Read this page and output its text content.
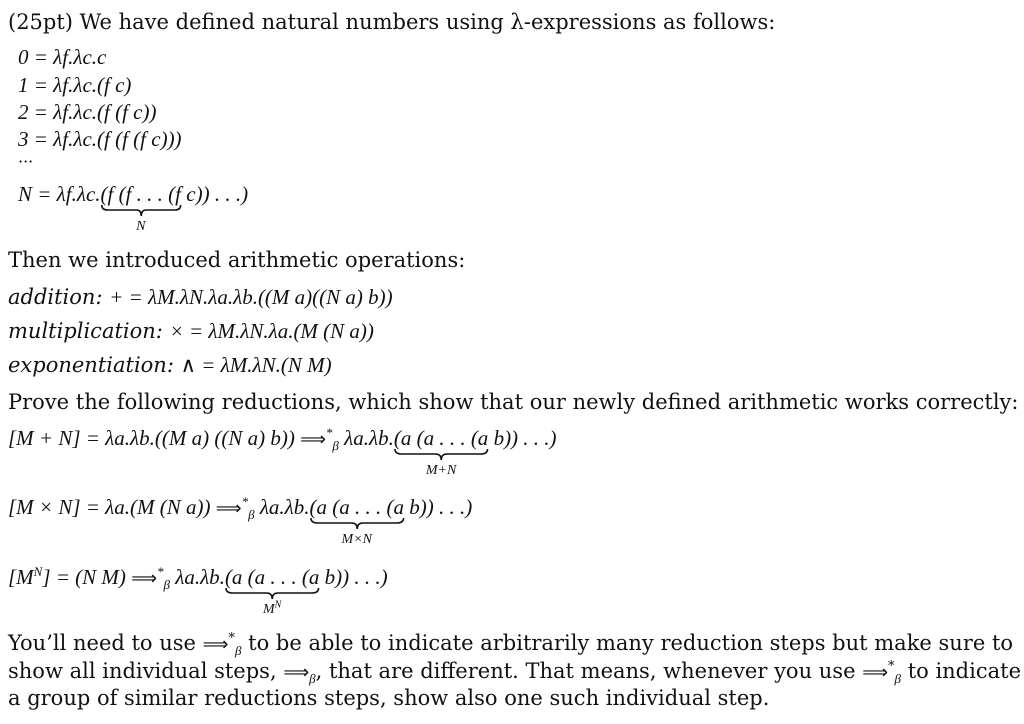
(25pt) We have defined natural numbers using λ-expressions as follows:
0 = λf.λc.c
1 = λf.λc.(f c)
2 = λf.λc.(f (f c))
3 = λf.λc.(f (f (f c)))
···
N = λf.λc.(f (f . . . (f
N
c)) . . .)
Then we introduced arithmetic operations:
addition: + = λM.λN.λa.λb.((M a)((N a) b))
multiplication: × = λM.λN.λa.(M (N a))
exponentiation: ∧ = λM.λN.(N M)
Prove the following reductions, which show that our newly defined arithmetic works correctly:
[M + N] = λa.λb.((M a) ((N a) b)) $⟹^*_\beta$ λa.λb.(a (a . . . (a
M+N
b)) . . .)
[M × N] = λa.(M (N a)) $⟹^*_\beta$ λa.λb.(a (a . . . (a
M×N
b)) . . .)
$[M^N] = (N$ M) $⟹^*_\beta$ λa.λb.(a (a . . . (a
$M^N$
b)) . . .)
You’ll need to use $⟹^*_\beta$ to be able to indicate arbitrarily many reduction steps but make sure to
show all individual steps, $⟹_\beta$, that are different. That means, whenever you use $⟹^*_\beta$ to indicate
a group of similar reductions steps, show also one such individual step.
